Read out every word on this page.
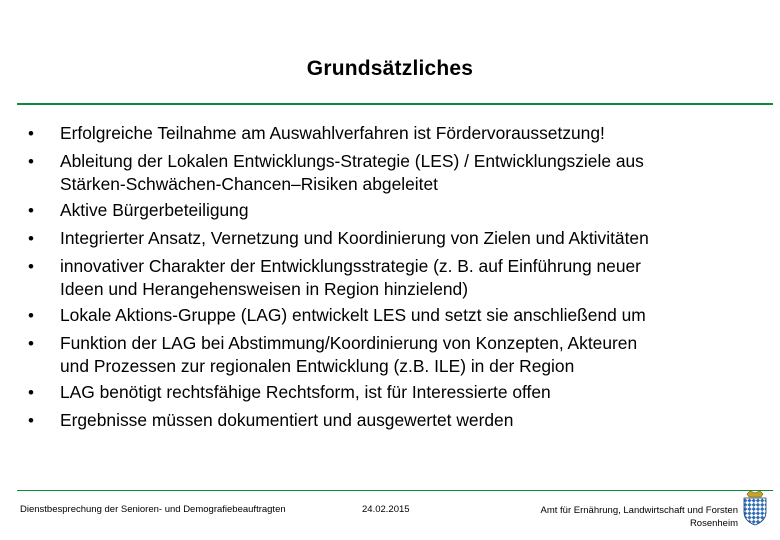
Grundsätzliches
• Erfolgreiche Teilnahme am Auswahlverfahren ist Fördervoraussetzung!
• Ableitung der Lokalen Entwicklungs-Strategie (LES) / Entwicklungsziele aus
Stärken-Schwächen-Chancen–Risiken abgeleitet
• Aktive Bürgerbeteiligung
• Integrierter Ansatz, Vernetzung und Koordinierung von Zielen und Aktivitäten
• innovativer Charakter der Entwicklungsstrategie (z. B. auf Einführung neuer
Ideen und Herangehensweisen in Region hinzielend)
• Lokale Aktions-Gruppe (LAG) entwickelt LES und setzt sie anschließend um
• Funktion der LAG bei Abstimmung/Koordinierung von Konzepten, Akteuren
und Prozessen zur regionalen Entwicklung (z.B. ILE) in der Region
• LAG benötigt rechtsfähige Rechtsform, ist für Interessierte offen
• Ergebnisse müssen dokumentiert und ausgewertet werden
Dienstbesprechung der Senioren- und Demografiebeauftragten	24.02.2015	Amt für Ernährung, Landwirtschaft und Forsten
Rosenheim
